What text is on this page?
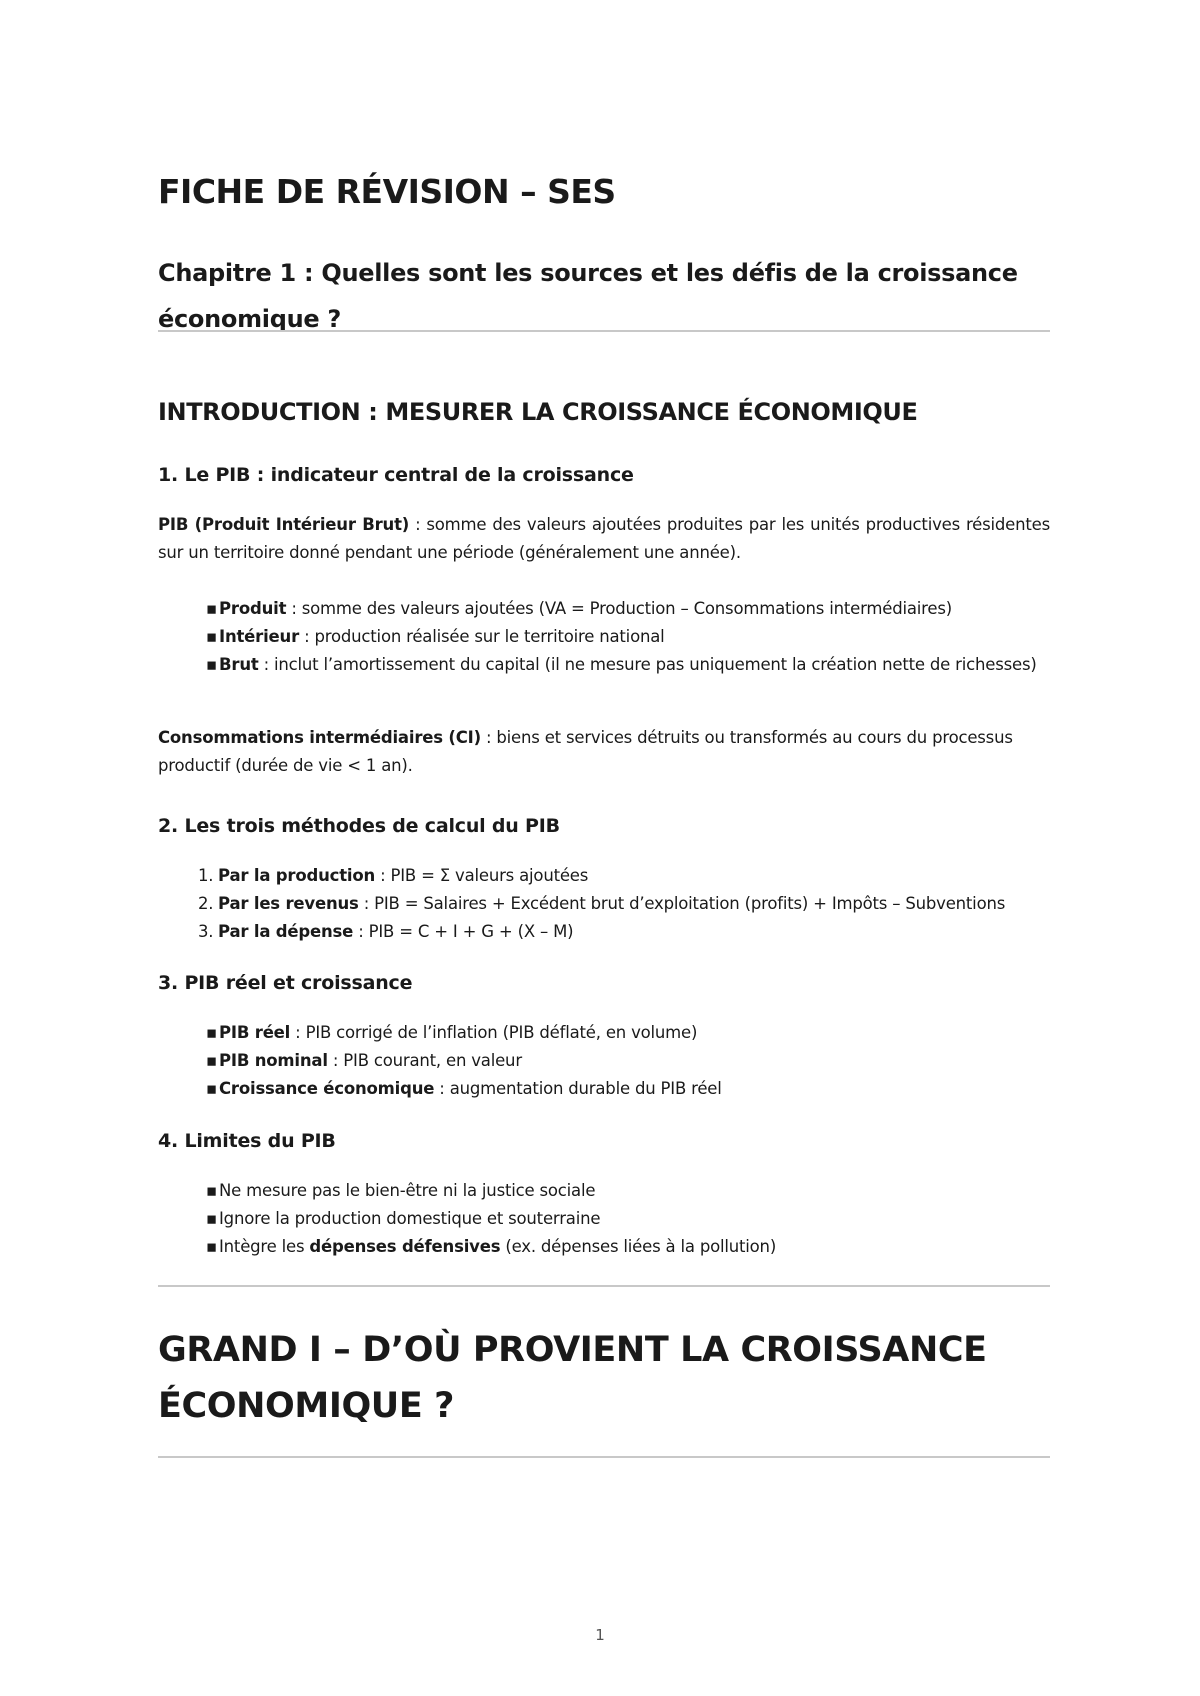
FICHE DE RÉVISION – SES
Chapitre 1 : Quelles sont les sources et les défis de la croissance économique ?
INTRODUCTION : MESURER LA CROISSANCE ÉCONOMIQUE
1. Le PIB : indicateur central de la croissance

PIB (Produit Intérieur Brut) : somme des valeurs ajoutées produites par les unités productives résidentes sur un territoire donné pendant une période (généralement une année).

▪ Produit : somme des valeurs ajoutées (VA = Production – Consommations intermédiaires)
▪ Intérieur : production réalisée sur le territoire national
▪ Brut : inclut l’amortissement du capital (il ne mesure pas uniquement la création nette de richesses)

Consommations intermédiaires (CI) : biens et services détruits ou transformés au cours du processus productif (durée de vie < 1 an).

2. Les trois méthodes de calcul du PIB
1. Par la production : PIB = Σ valeurs ajoutées
2. Par les revenus : PIB = Salaires + Excédent brut d’exploitation (profits) + Impôts – Subventions
3. Par la dépense : PIB = C + I + G + (X – M)
3. PIB réel et croissance
▪ PIB réel : PIB corrigé de l’inflation (PIB déflaté, en volume)
▪ PIB nominal : PIB courant, en valeur
▪ Croissance économique : augmentation durable du PIB réel
4. Limites du PIB
▪ Ne mesure pas le bien-être ni la justice sociale
▪ Ignore la production domestique et souterraine
▪ Intègre les dépenses défensives (ex. dépenses liées à la pollution)
GRAND I – D’OÙ PROVIENT LA CROISSANCE ÉCONOMIQUE ?
1
